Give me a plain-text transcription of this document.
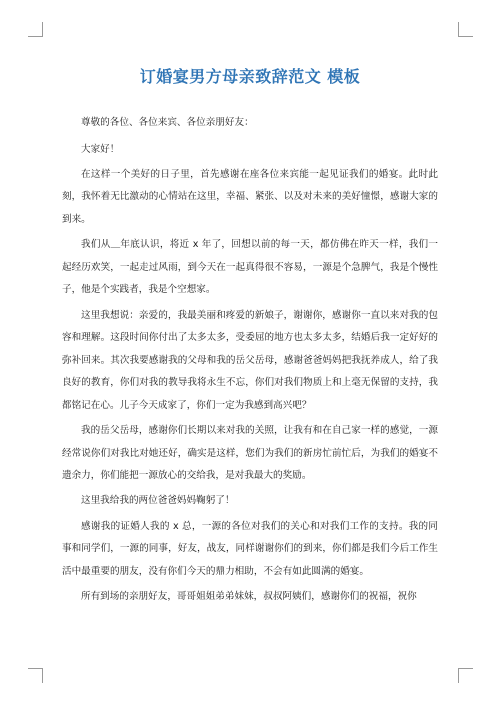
订婚宴男方母亲致辞范文 模板

尊敬的各位、各位来宾、各位亲朋好友：

大家好！

在这样一个美好的日子里，首先感谢在座各位来宾能一起见证我们的婚宴。此时此刻，我怀着无比激动的心情站在这里，幸福、紧张、以及对未来的美好憧憬，感谢大家的到来。

我们从＿年底认识，将近 x 年了，回想以前的每一天，都仿佛在昨天一样，我们一起经历欢笑，一起走过风雨，到今天在一起真得很不容易，一源是个急脾气，我是个慢性子，他是个实践者，我是个空想家。

这里我想说：亲爱的，我最美丽和疼爱的新娘子，谢谢你，感谢你一直以来对我的包容和理解。这段时间你付出了太多太多，受委屈的地方也太多太多，结婚后我一定好好的弥补回来。其次我要感谢我的父母和我的岳父岳母，感谢爸爸妈妈把我抚养成人，给了我良好的教育，你们对我的教导我将永生不忘，你们对我们物质上和上毫无保留的支持，我都铭记在心。儿子今天成家了，你们一定为我感到高兴吧？

我的岳父岳母，感谢你们长期以来对我的关照，让我有和在自己家一样的感觉，一源经常说你们对我比对她还好，确实是这样，您们为我们的新房忙前忙后，为我们的婚宴不遗余力，你们能把一源放心的交给我，是对我最大的奖励。

这里我给我的两位爸爸妈妈鞠躬了！

感谢我的证婚人我的 x 总，一源的各位对我们的关心和对我们工作的支持。我的同事和同学们，一源的同事，好友，战友，同样谢谢你们的到来，你们都是我们今后工作生活中最重要的朋友，没有你们今天的鼎力相助，不会有如此圆满的婚宴。

所有到场的亲朋好友，哥哥姐姐弟弟妹妹，叔叔阿姨们，感谢你们的祝福，祝你
